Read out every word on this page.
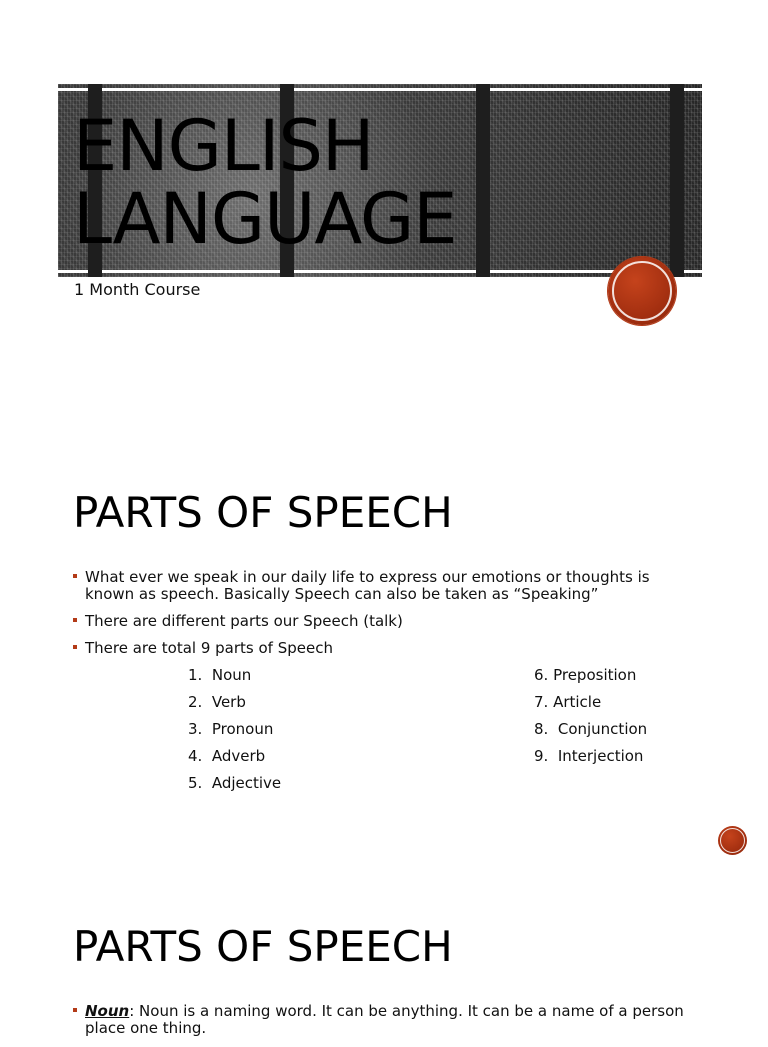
ENGLISH
LANGUAGE
1 Month Course
PARTS OF SPEECH
What ever we speak in our daily life to express our emotions or thoughts is known as speech. Basically Speech can also be taken as “Speaking”
There are different parts our Speech (talk)
There are total 9 parts of Speech
1.  Noun
2.  Verb
3.  Pronoun
4.  Adverb
5.  Adjective
6. Preposition
7. Article
8.  Conjunction
9.  Interjection
PARTS OF SPEECH
Noun: Noun is a naming word. It can be anything. It can be a name of a person place one thing.
